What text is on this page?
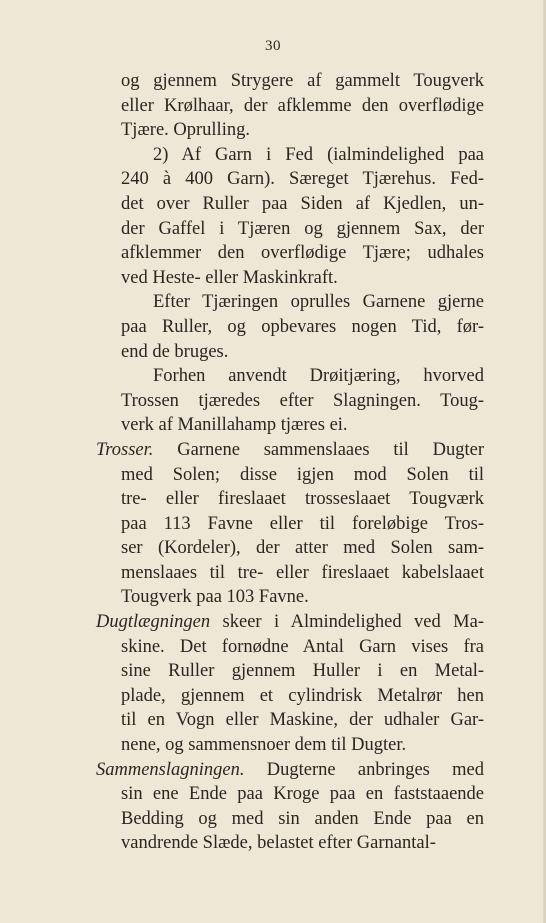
30
og gjennem Strygere af gammelt Tougverk
eller Krølhaar, der afklemme den overflødige
Tjære. Oprulling.
2) Af Garn i Fed (ialmindelighed paa
240 à 400 Garn). Særeget Tjærehus. Fed-
det over Ruller paa Siden af Kjedlen, un-
der Gaffel i Tjæren og gjennem Sax, der
afklemmer den overflødige Tjære; udhales
ved Heste- eller Maskinkraft.
Efter Tjæringen oprulles Garnene gjerne
paa Ruller, og opbevares nogen Tid, før-
end de bruges.
Forhen anvendt Drøitjæring, hvorved
Trossen tjæredes efter Slagningen. Toug-
verk af Manillahamp tjæres ei.
Trosser. Garnene sammenslaaes til Dugter
med Solen; disse igjen mod Solen til
tre- eller fireslaaet trosseslaaet Tougværk
paa 113 Favne eller til foreløbige Tros-
ser (Kordeler), der atter med Solen sam-
menslaaes til tre- eller fireslaaet kabelslaaet
Tougverk paa 103 Favne.
Dugtlægningen skeer i Almindelighed ved Ma-
skine. Det fornødne Antal Garn vises fra
sine Ruller gjennem Huller i en Metal-
plade, gjennem et cylindrisk Metalrør hen
til en Vogn eller Maskine, der udhaler Gar-
nene, og sammensnoer dem til Dugter.
Sammenslagningen. Dugterne anbringes med
sin ene Ende paa Kroge paa en faststaaende
Bedding og med sin anden Ende paa en
vandrende Slæde, belastet efter Garnantal-
